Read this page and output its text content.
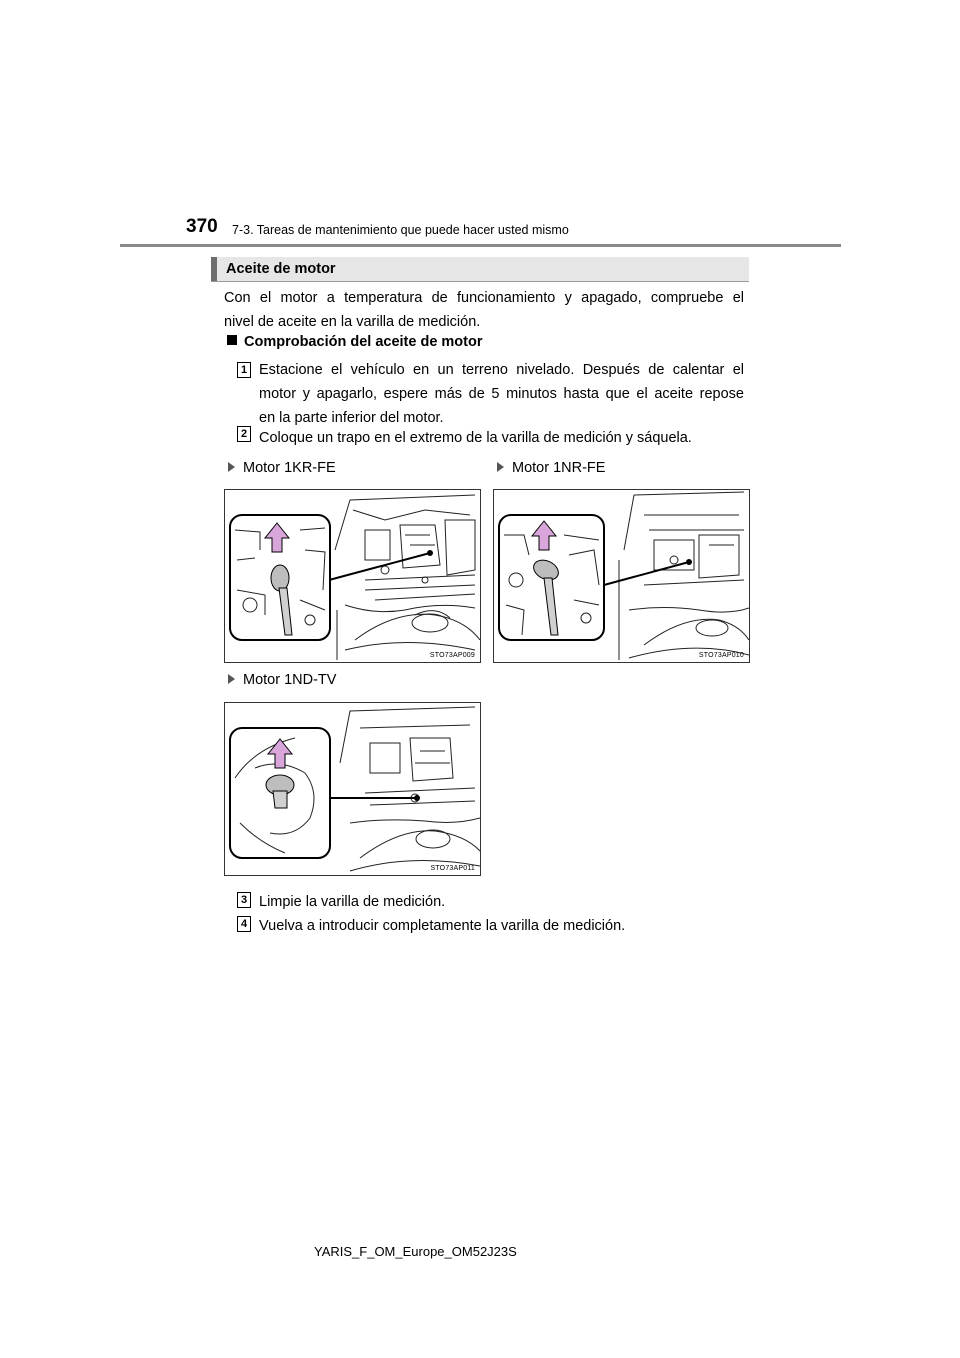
370 7-3. Tareas de mantenimiento que puede hacer usted mismo
Aceite de motor
Con el motor a temperatura de funcionamiento y apagado, compruebe el
nivel de aceite en la varilla de medición.
Comprobación del aceite de motor
1 Estacione el vehículo en un terreno nivelado. Después de calentar el
motor y apagarlo, espere más de 5 minutos hasta que el aceite repose
en la parte inferior del motor.
2 Coloque un trapo en el extremo de la varilla de medición y sáquela.
Motor 1KR-FE	Motor 1NR-FE
STO73AP009	STO73AP010
Motor 1ND-TV
STO73AP011
3 Limpie la varilla de medición.
4 Vuelva a introducir completamente la varilla de medición.
YARIS_F_OM_Europe_OM52J23S
